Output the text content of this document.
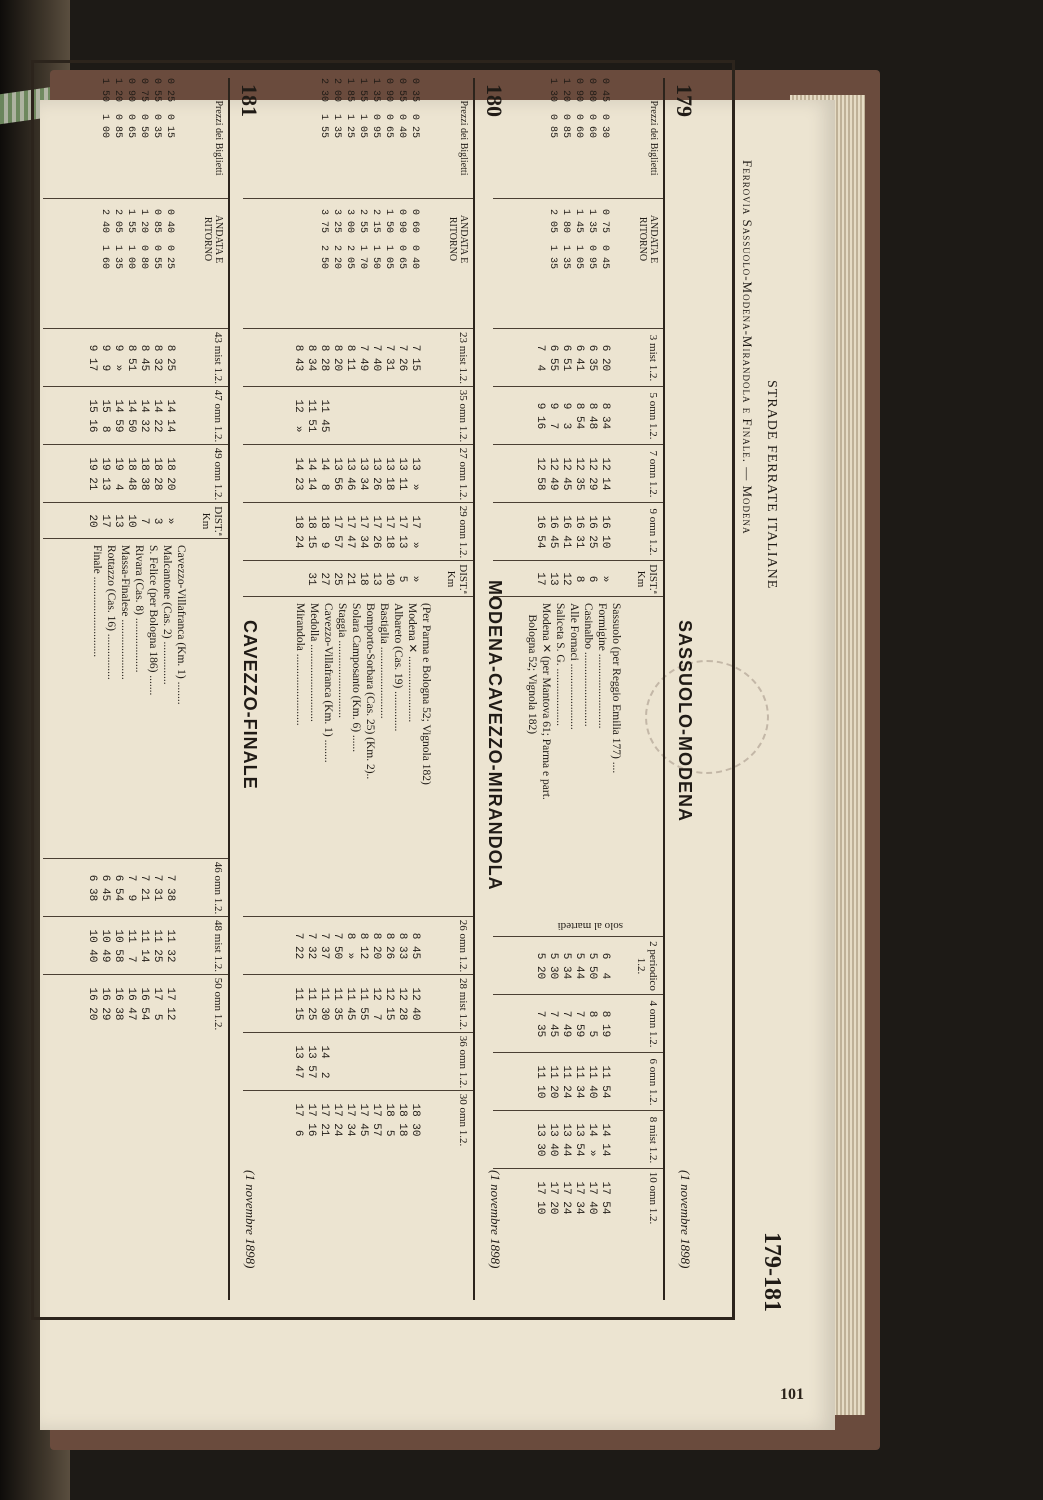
STRADE FERRATE ITALIANE
179-181
179
SASSUOLO-MODENA
(1 novembre 1898)
Prezzi dei Biglietti
0 45  0 30
0 80  0 60
0 90  0 60
1 20  0 85
1 30  0 85
ANDATA E RITORNO
0 75  0 45
1 35  0 95
1 45  1 05
1 80  1 35
2 05  1 35
3 mist 1.2.
6 20
6 35
6 41
6 51
6 55
7  4
5 omn 1.2.
8 34
8 48
8 54
9  3
9  7
9 16
7 omn 1.2.
12 14
12 29
12 35
12 45
12 49
12 58
9 omn 1.2.
16 10
16 25
16 31
16 41
16 45
16 54
DIST.ª Km
»
6
8
12
13
17
Sassuolo (per Reggio Emilia 177) ....
Formigine ..........................
Casinalbo ..........................
Alle Fornaci .......................
Saliceta S. G. ....................
Modena ✕ (per Mantova 61; Parma e part.
Bologna 52; Vignola 182)
solo al martedì
2 periodico 1.2.
6  4
5 50
5 44
5 34
5 30
5 20
4 omn 1.2.
8 19
8  5
7 59
7 49
7 45
7 35
6 omn 1.2.
11 54
11 40
11 34
11 24
11 20
11 10
8 mist 1.2.
14 14
14  »
13 54
13 44
13 40
13 30
10 omn 1.2.
17 54
17 40
17 34
17 24
17 20
17 10
180
MODENA-CAVEZZO-MIRANDOLA
(1 novembre 1898)
Prezzi dei Biglietti
0 35  0 25
0 55  0 40
0 90  0 65
1 35  0 95
1 55  1 05
1 85  1 25
2 00  1 35
2 30  1 55
ANDATA E RITORNO
0 60  0 40
0 90  0 65
1 50  1 05
2 15  1 50
2 55  1 70
3 00  2 05
3 25  2 20
3 75  2 50
23 mist 1.2.
7 15
7 26
7 31
7 40
7 49
8 11
8 20
8 28
8 34
8 43
35 omn 1.2.

11 45
11 51
12  »
27 omn 1.2.
13  »
13 11
13 18
13 26
13 34
13 46
13 56
14  8
14 14
14 23
29 omn 1.2.
17  »
17 13
17 18
17 26
17 34
17 47
17 57
18  9
18 15
18 24
DIST.ª Km
»
5
10
13
18
21
25
27
31
(Per Parma e Bologna 52; Vignola 182)
Modena ✕ .......................
Albareto (Cas. 19) ..............
Bastiglia .........................
Bomporto-Sorbara (Cas. 25) (Km. 2)..
Solara Camposanto (Km. 6) ......
Staggia ...........................
Cavezzo-Villafranca (Km. 1) ........
Medolla ...........................
Mirandola .........................
26 omn 1.2.
8 45
8 33
8 26
8 20
8 12
8  »
7 50
7 37
7 32
7 22
28 mist 1.2.
12 40
12 28
12 15
12  7
11 55
11 45
11 35
11 30
11 25
11 15
36 omn 1.2.

14  2
13 57
13 47
30 omn 1.2.
18 30
18 18
18  5
17 57
17 45
17 34
17 24
17 21
17 16
17  6
181
CAVEZZO-FINALE
(1 novembre 1898)
Prezzi dei Biglietti
0 25  0 15
0 55  0 35
0 75  0 50
0 90  0 65
1 20  0 85
1 50  1 00
ANDATA E RITORNO
0 40  0 25
0 85  0 55
1 20  0 80
1 55  1 00
2 05  1 35
2 40  1 60
43 mist 1.2.
8 25
8 32
8 45
8 51
9  »
9  9
9 17
47 omn 1.2.
14 14
14 22
14 32
14 50
14 59
15  8
15 16
49 omn 1.2.
18 20
18 28
18 38
18 48
19  4
19 13
19 21
DIST.ª Km
»
3
7
10
13
17
20
Cavezzo-Villafranca (Km. 1) ........
Malcantone (Cas. 2) ...............
S. Felice (per Bologna 186) .......
Rivara (Cas. 8) ...................
Massa-Finalese .....................
Rottazzo (Cas. 16) ................
Finale ............................
46 omn 1.2.
7 38
7 31
7 21
7  9
6 54
6 45
6 38
48 mist 1.2.
11 32
11 25
11 14
11  7
10 58
10 49
10 40
50 omn 1.2.
17 12
17  5
16 54
16 47
16 38
16 29
16 20
Ferrovia Sassuolo-Modena-Mirandola e Finale. — Modena
101
